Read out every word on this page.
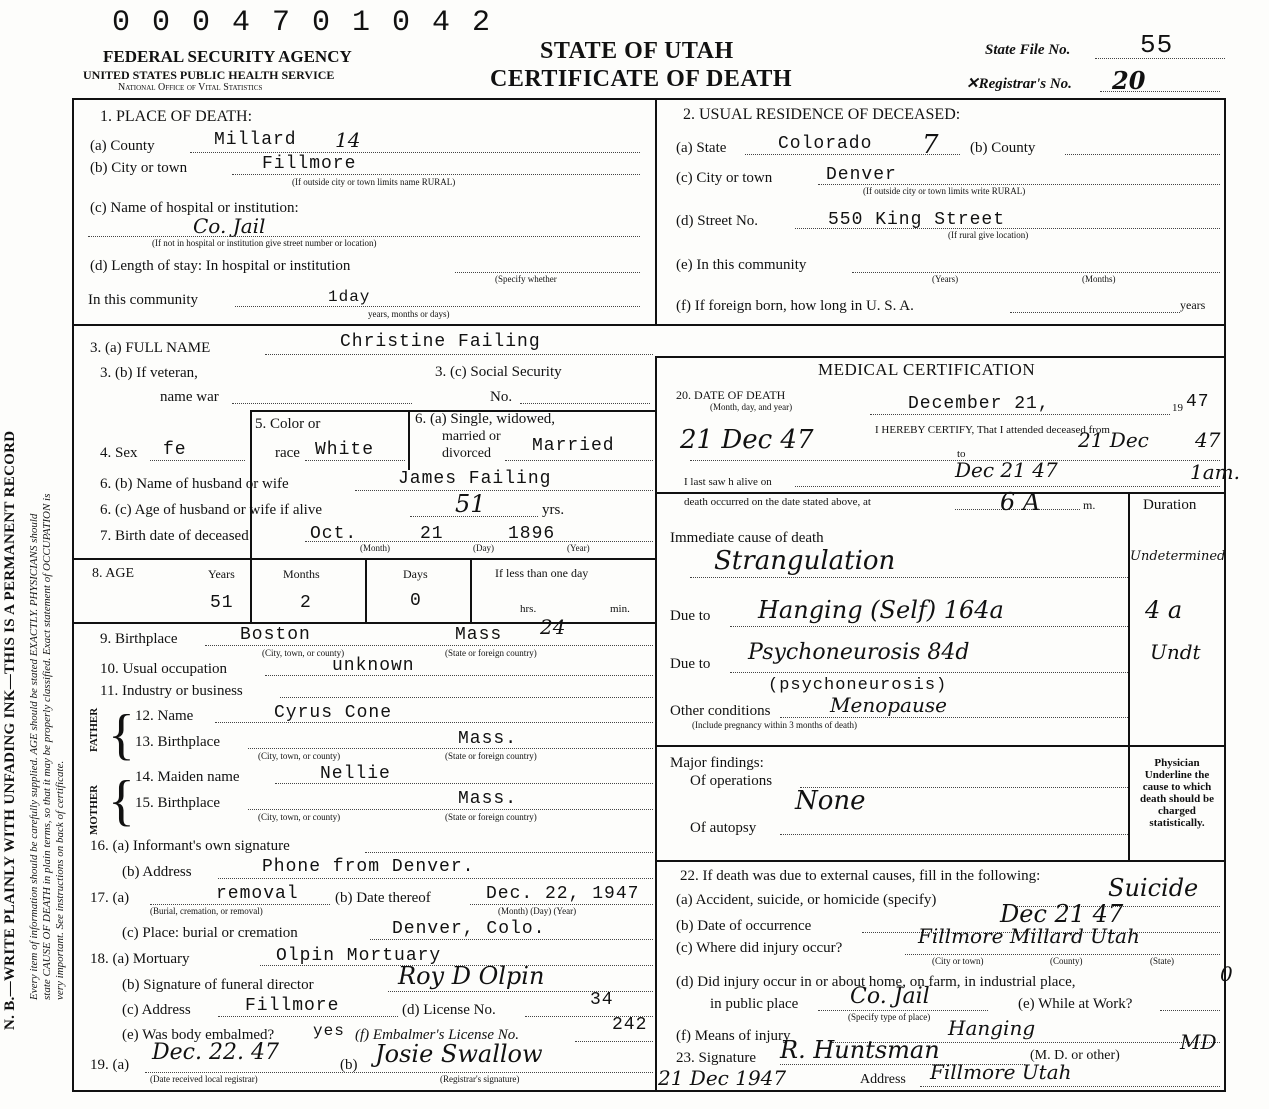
0 0 0 4 7 0 1 0 4 2
FEDERAL SECURITY AGENCY
UNITED STATES PUBLIC HEALTH SERVICE
National Office of Vital Statistics
STATE OF UTAH
CERTIFICATE OF DEATH
State File No.	55
✕Registrar's No. 20
N. B.—WRITE PLAINLY WITH UNFADING INK—THIS IS A PERMANENT RECORD Every item of information should be carefully supplied. AGE should be stated EXACTLY. PHYSICIANS should state CAUSE OF DEATH in plain terms, so that it may be properly classified. Exact statement of OCCUPATION is very important. See instructions on back of certificate.
1. PLACE OF DEATH:
(a) County	Millard 14
(b) City or town	Fillmore
(If outside city or town limits name RURAL)
(c) Name of hospital or institution:
Co. Jail
(If not in hospital or institution give street number or location)
(d) Length of stay: In hospital or institution
(Specify whether
In this community	1day
years, months or days)
2. USUAL RESIDENCE OF DECEASED:
(a) State	Colorado 7 (b) County
(c) City or town	Denver
(If outside city or town limits write RURAL)
(d) Street No.	550 King Street
(If rural give location)
(e) In this community
(Years)	(Months)
(f) If foreign born, how long in U. S. A.	years
3. (a) FULL NAME	Christine Failing
3. (b) If veteran,
name war
3. (c) Social Security
No.
4. Sex fe
5. Color or
race White
6. (a) Single, widowed,
married or
divorced Married
6. (b) Name of husband or wife	James Failing
6. (c) Age of husband or wife if alive	51	yrs.
7. Birth date of deceased	Oct.	21	1896
(Month)	(Day)	(Year)
8. AGE	Years	Months	Days	If less than one day
51	2	0	hrs.	min.
9. Birthplace	Boston	Mass 24
(City, town, or county)	(State or foreign country)
10. Usual occupation	unknown
11. Industry or business
FATHER
MOTHER
{
{
12. Name	Cyrus Cone
13. Birthplace	Mass.
(City, town, or county)	(State or foreign country)
14. Maiden name	Nellie
15. Birthplace	Mass.
(City, town, or county)	(State or foreign country)
16. (a) Informant's own signature
(b) Address	Phone from Denver.
17. (a)	removal (b) Date thereof	Dec. 22, 1947
(Burial, cremation, or removal)	(Month) (Day) (Year)
(c) Place: burial or cremation	Denver, Colo.
18. (a) Mortuary	Olpin Mortuary
(b) Signature of funeral director	Roy D Olpin
(c) Address	Fillmore	(d) License No.	34
(e) Was body embalmed? yes (f) Embalmer's License No.	242
19. (a) Dec. 22. 47	(b) Josie Swallow
(Date received local registrar)	(Registrar's signature)
MEDICAL CERTIFICATION
20. DATE OF DEATH
(Month, day, and year)	December 21,	19 47
I HEREBY CERTIFY, That I attended deceased from
21 Dec 47	to
21 Dec 47
I last saw h alive on	Dec 21 47	1am.
death occurred on the date stated above, at	6 A	m.	Duration
Immediate cause of death
Strangulation	Undetermined
Due to Hanging (Self) 164a	4 a
Due to Psychoneurosis 84d	Undt
(psychoneurosis)
Other conditions	Menopause
(Include pregnancy within 3 months of death)
Major findings:
Of operations
None
Of autopsy
Physician Underline the cause to which death should be charged statistically.
22. If death was due to external causes, fill in the following:	Suicide
(a) Accident, suicide, or homicide (specify)
(b) Date of occurrence	Dec 21 47
(c) Where did injury occur?	Fillmore Millard Utah
(City or town)	(County)	(State)
(d) Did injury occur in or about home, on farm, in industrial place,	0
in public place Co. Jail
(Specify type of place)
(e) While at Work?
(f) Means of injury	Hanging
23. Signature R. Huntsman	(M. D. or other)
MD
21 Dec 1947	Address Fillmore Utah
